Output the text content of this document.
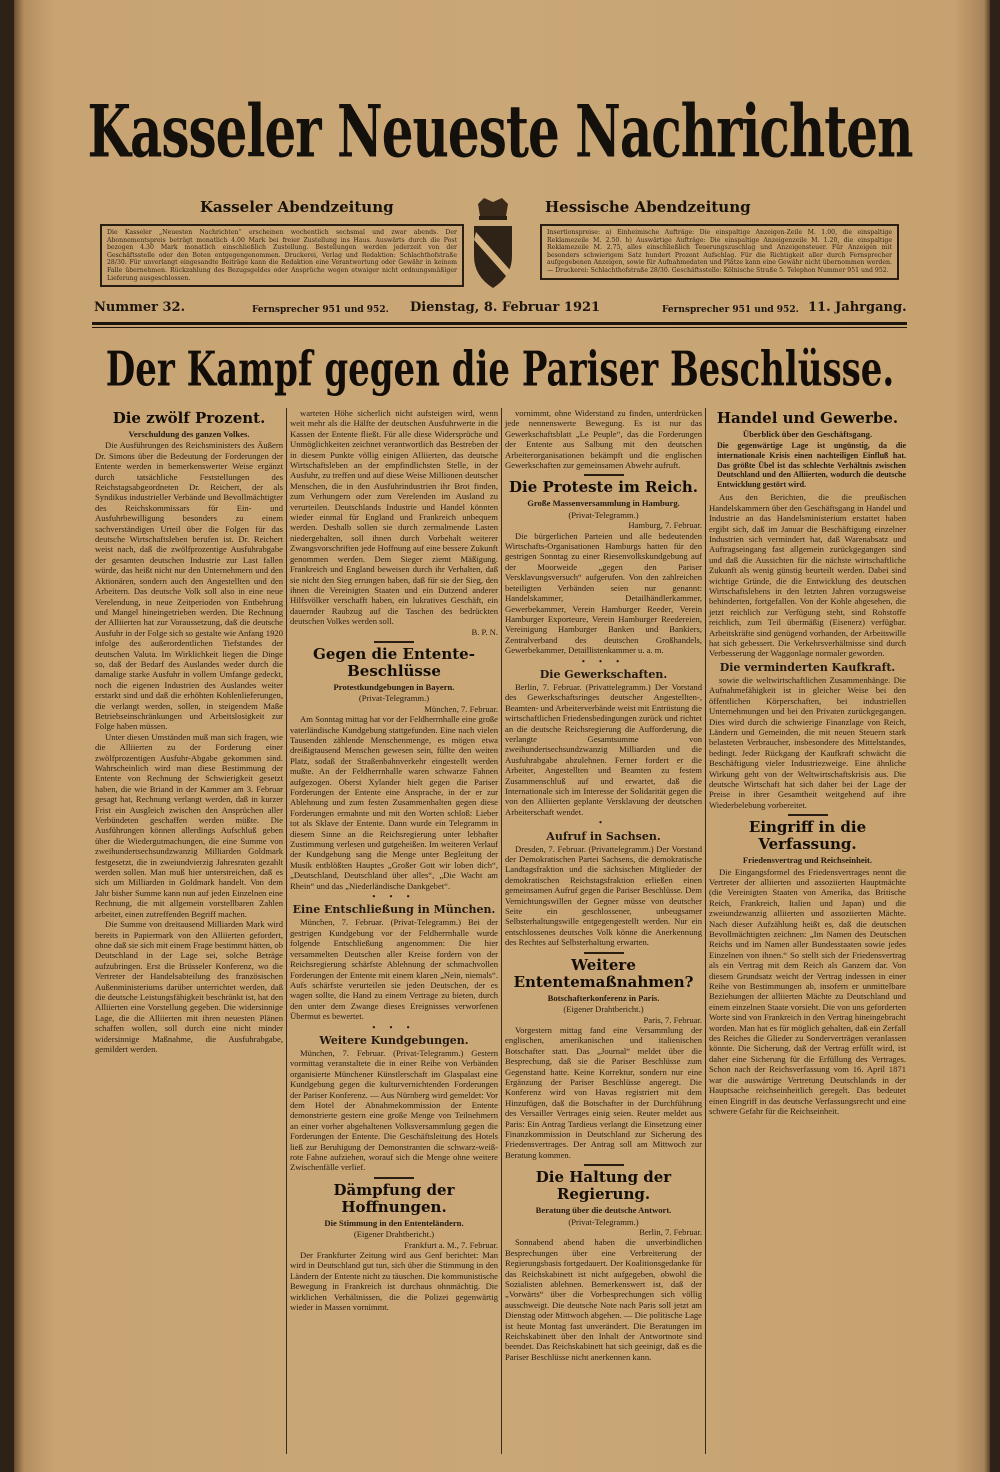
Kasseler Neueste Nachrichten
Kasseler Abendzeitung	Hessische Abendzeitung
Die Kasseler „Neuesten Nachrichten“ erscheinen wochentlich sechsmal und zwar abends. Der Abonnementspreis beträgt monatlich 4.00 Mark bei freier Zustellung ins Haus. Auswärts durch die Post bezogen 4.30 Mark monatlich einschließlich Zustellung. Bestellungen werden jederzeit von der Geschäftsstelle oder den Boten entgegengenommen. Druckerei, Verlag und Redaktion: Schlachthofstraße 28/30. Für unverlangt eingesandte Beiträge kann die Redaktion eine Verantwortung oder Gewähr in keinem Falle übernehmen. Rückzahlung des Bezugsgeldes oder Ansprüche wegen etwaiger nicht ordnungsmäßiger Lieferung ausgeschlossen.
Insertionspreise: a) Einheimische Aufträge: Die einspaltige Anzeigen-Zeile M. 1.00, die einspaltige Reklamezeile M. 2.50. b) Auswärtige Aufträge: Die einspaltige Anzeigenzeile M. 1.20, die einspaltige Reklamezeile M. 2.75, alles einschließlich Teuerungszuschlag und Anzeigensteuer. Für Anzeigen mit besonders schwierigem Satz hundert Prozent Aufschlag. Für die Richtigkeit aller durch Fernsprecher aufgegebenen Anzeigen, sowie für Aufnahmedaten und Plätze kann eine Gewähr nicht übernommen werden. — Druckerei: Schlachthofstraße 28/30. Geschäftsstelle: Kölnische Straße 5. Telephon Nummer 951 und 952.
Nummer 32.	Fernsprecher 951 und 952. Dienstag, 8. Februar 1921	Fernsprecher 951 und 952. 11. Jahrgang.
Der Kampf gegen die Pariser Beschlüsse.
Die zwölf Prozent.
Verschuldung des ganzen Volkes.

Die Ausführungen des Reichsministers des Äußern Dr. Simons über die Bedeutung der Forderungen der Entente werden in bemerkenswerter Weise ergänzt durch tatsächliche Feststellungen des Reichstagsabgeordneten Dr. Reichert, der als Syndikus industrieller Verbände und Bevollmächtigter des Reichskommissars für Ein- und Ausfuhrbewilligung besonders zu einem sachverständigen Urteil über die Folgen für das deutsche Wirtschaftsleben berufen ist. Dr. Reichert weist nach, daß die zwölfprozentige Ausfuhrabgabe der gesamten deutschen Industrie zur Last fallen würde, das heißt nicht nur den Unternehmern und den Aktionären, sondern auch den Angestellten und den Arbeitern. Das deutsche Volk soll also in eine neue Verelendung, in neue Zeitperioden von Entbehrung und Mangel hineingetrieben werden. Die Rechnung der Alliierten hat zur Voraussetzung, daß die deutsche Ausfuhr in der Folge sich so gestalte wie Anfang 1920 infolge des außerordentlichen Tiefstandes der deutschen Valuta. Im Wirklichkeit liegen die Dinge so, daß der Bedarf des Auslandes weder durch die damalige starke Ausfuhr in vollem Umfange gedeckt, noch die eigenen Industrien des Auslandes weiter erstarkt sind und daß die erhöhten Kohlenlieferungen, die verlangt werden, sollen, in steigendem Maße Betriebseinschränkungen und Arbeitslosigkeit zur Folge haben müssen.

Unter diesen Umständen muß man sich fragen, wie die Alliierten zu der Forderung einer zwölfprozentigen Ausfuhr-Abgabe gekommen sind. Wahrscheinlich wird man diese Bestimmung der Entente von Rechnung der Schwierigkeit gesetzt haben, die wie Briand in der Kammer am 3. Februar gesagt hat, Rechnung verlangt werden, daß in kurzer Frist ein Ausgleich zwischen den Ansprüchen aller Verbündeten geschaffen werden müßte. Die Ausführungen können allerdings Aufschluß geben über die Wiedergutmachungen, die eine Summe von zweihundertsechsundzwanzig Milliarden Goldmark festgesetzt, die in zweiundvierzig Jahresraten gezahlt werden sollen. Man muß hier unterstreichen, daß es sich um Milliarden in Goldmark handelt. Von dem Jahr bisher Summe kann nun auf jeden Einzelnen eine Rechnung, die mit allgemein vorstellbaren Zahlen arbeitet, einen zutreffenden Begriff machen.

Die Summe von dreitausend Milliarden Mark wird bereits in Papiermark von den Alliierten gefordert, ohne daß sie sich mit einem Frage bestimmt hätten, ob Deutschland in der Lage sei, solche Beträge aufzubringen. Erst die Brüsseler Konferenz, wo die Vertreter der Handelsabteilung des französischen Außenministeriums darüber unterrichtet werden, daß die deutsche Leistungsfähigkeit beschränkt ist, hat den Alliierten eine Vorstellung gegeben. Die widersinnige Lage, die die Alliierten mit ihren neuesten Plänen schaffen wollen, soll durch eine nicht minder widersinnige Maßnahme, die Ausfuhrabgabe, gemildert werden.

warteten Höhe sicherlich nicht aufsteigen wird, wenn weit mehr als die Hälfte der deutschen Ausfuhrwerte in die Kassen der Entente fließt. Für alle diese Widersprüche und Unmöglichkeiten zeichnet verantwortlich das Bestreben der in diesem Punkte völlig einigen Alliierten, das deutsche Wirtschaftsleben an der empfindlichsten Stelle, in der Ausfuhr, zu treffen und auf diese Weise Millionen deutscher Menschen, die in den Ausfuhrindustrien ihr Brot finden, zum Verhungern oder zum Verelenden im Ausland zu verurteilen. Deutschlands Industrie und Handel könnten wieder einmal für England und Frankreich unbequem werden. Deshalb sollen sie durch zermalmende Lasten niedergehalten, soll ihnen durch Vorbehalt weiterer Zwangsvorschriften jede Hoffnung auf eine bessere Zukunft genommen werden. Dem Sieger ziemt Mäßigung. Frankreich und England beweisen durch ihr Verhalten, daß sie nicht den Sieg errungen haben, daß für sie der Sieg, den ihnen die Vereinigten Staaten und ein Dutzend anderer Hilfsvölker verschafft haben, ein lukratives Geschäft, ein dauernder Raubzug auf die Taschen des bedrückten deutschen Volkes werden soll.

B. P. N.
Gegen die Entente-Beschlüsse
Protestkundgebungen in Bayern.
(Privat-Telegramm.)
München, 7. Februar.

Am Sonntag mittag hat vor der Feldherrnhalle eine große vaterländische Kundgebung stattgefunden. Eine nach vielen Tausenden zählende Menschenmenge, es mögen etwa dreißigtausend Menschen gewesen sein, füllte den weiten Platz, sodaß der Straßenbahnverkehr eingestellt werden mußte. An der Feldherrnhalle waren schwarze Fahnen aufgezogen. Oberst Xylander hielt gegen die Pariser Forderungen der Entente eine Ansprache, in der er zur Ablehnung und zum festen Zusammenhalten gegen diese Forderungen ermahnte und mit den Worten schloß: Lieber tot als Sklave der Entente. Dann wurde ein Telegramm in diesem Sinne an die Reichsregierung unter lebhafter Zustimmung verlesen und gutgeheißen. Im weiteren Verlauf der Kundgebung sang die Menge unter Begleitung der Musik entblößten Hauptes „Großer Gott wir loben dich“, „Deutschland, Deutschland über alles“, „Die Wacht am Rhein“ und das „Niederländische Dankgebet“.

• • •
Eine Entschließung in München.

München, 7. Februar. (Privat-Telegramm.) Bei der gestrigen Kundgebung vor der Feldherrnhalle wurde folgende Entschließung angenommen: Die hier versammelten Deutschen aller Kreise fordern von der Reichsregierung schärfste Ablehnung der schmachvollen Forderungen der Entente mit einem klaren „Nein, niemals“. Aufs schärfste verurteilen sie jeden Deutschen, der es wagen sollte, die Hand zu einem Vertrage zu bieten, durch den unter dem Zwange dieses Ereignisses verworfenen Übermut es bewertet.

• • •
Weitere Kundgebungen.

München, 7. Februar. (Privat-Telegramm.) Gestern vormittag veranstaltete die in einer Reihe von Verbänden organisierte Münchener Künstlerschaft im Glaspalast eine Kundgebung gegen die kulturvernichtenden Forderungen der Pariser Konferenz. — Aus Nürnberg wird gemeldet: Vor dem Hotel der Abnahmekommission der Entente demonstrierte gestern eine große Menge von Teilnehmern an einer vorher abgehaltenen Volksversammlung gegen die Forderungen der Entente. Die Geschäftsleitung des Hotels ließ zur Beruhigung der Demonstranten die schwarz-weiß-rote Fahne aufziehen, worauf sich die Menge ohne weitere Zwischenfälle verlief.

Dämpfung der Hoffnungen.
Die Stimmung in den Ententeländern.
(Eigener Drahtbericht.)
Frankfurt a. M., 7. Februar.

Der Frankfurter Zeitung wird aus Genf berichtet: Man wird in Deutschland gut tun, sich über die Stimmung in den Ländern der Entente nicht zu täuschen. Die kommunistische Bewegung in Frankreich ist durchaus ohnmächtig. Die wirklichen Verhältnissen, die die Polizei gegenwärtig wieder in Massen vornimmt.

vornimmt, ohne Widerstand zu finden, unterdrücken jede nennenswerte Bewegung. Es ist nur das Gewerkschaftsblatt „Le Peuple“, das die Forderungen der Entente aus Salbung mit den deutschen Arbeiterorganisationen bekämpft und die englischen Gewerkschaften zur gemeinsamen Abwehr aufruft.

Die Proteste im Reich.
Große Massenversammlung in Hamburg.
(Privat-Telegramm.)
Hamburg, 7. Februar.

Die bürgerlichen Parteien und alle bedeutenden Wirtschafts-Organisationen Hamburgs hatten für den gestrigen Sonntag zu einer Riesenvolkskundgebung auf der Moorweide „gegen den Pariser Versklavungsversuch“ aufgerufen. Von den zahlreichen beteiligten Verbänden seien nur genannt: Handelskammer, Detailhändlerkammer, Gewerbekammer, Verein Hamburger Reeder, Verein Hamburger Exporteure, Verein Hamburger Reedereien, Vereinigung Hamburger Banken und Bankiers, Zentralverband des deutschen Großhandels, Gewerbekammer, Detaillistenkammer u. a. m.

• • •
Die Gewerkschaften.

Berlin, 7. Februar. (Privattelegramm.) Der Vorstand des Gewerkschaftsringes deutscher Angestellten-, Beamten- und Arbeiterverbände weist mit Entrüstung die wirtschaftlichen Friedensbedingungen zurück und richtet an die deutsche Reichsregierung die Aufforderung, die verlangte Gesamtsumme von zweihundertsechsundzwanzig Milliarden und die Ausfuhrabgabe abzulehnen. Ferner fordert er die Arbeiter, Angestellten und Beamten zu festem Zusammenschluß auf und erwartet, daß die Internationale sich im Interesse der Solidarität gegen die von den Alliierten geplante Versklavung der deutschen Arbeiterschaft wendet.

•
Aufruf in Sachsen.

Dresden, 7. Februar. (Privattelegramm.) Der Vorstand der Demokratischen Partei Sachsens, die demokratische Landtagsfraktion und die sächsischen Mitglieder der demokratischen Reichstagsfraktion erließen einen gemeinsamen Aufruf gegen die Pariser Beschlüsse. Dem Vernichtungswillen der Gegner müsse von deutscher Seite ein geschlossener, unbeugsamer Selbsterhaltungswille entgegengestellt werden. Nur ein entschlossenes deutsches Volk könne die Anerkennung des Rechtes auf Selbsterhaltung erwarten.

Weitere Ententemaßnahmen?
Botschafterkonferenz in Paris.
(Eigener Drahtbericht.)
Paris, 7. Februar.

Vorgestern mittag fand eine Versammlung der englischen, amerikanischen und italienischen Botschafter statt. Das „Journal“ meldet über die Besprechung, daß sie die Pariser Beschlüsse zum Gegenstand hatte. Keine Korrektur, sondern nur eine Ergänzung der Pariser Beschlüsse angeregt. Die Konferenz wird von Havas registriert mit dem Hinzufügen, daß die Botschafter in der Durchführung des Versailler Vertrages einig seien. Reuter meldet aus Paris: Ein Antrag Tardieus verlangt die Einsetzung einer Finanzkommission in Deutschland zur Sicherung des Friedensvertrages. Der Antrag soll am Mittwoch zur Beratung kommen.

Die Haltung der Regierung.
Beratung über die deutsche Antwort.
(Privat-Telegramm.)
Berlin, 7. Februar.

Sonnabend abend haben die unverbindlichen Besprechungen über eine Verbreiterung der Regierungsbasis fortgedauert. Der Koalitionsgedanke für das Reichskabinett ist nicht aufgegeben, obwohl die Sozialisten ablehnen. Bemerkenswert ist, daß der „Vorwärts“ über die Vorbesprechungen sich völlig ausschweigt. Die deutsche Note nach Paris soll jetzt am Dienstag oder Mittwoch abgehen. — Die politische Lage ist heute Montag fast unverändert. Die Beratungen im Reichskabinett über den Inhalt der Antwortnote sind beendet. Das Reichskabinett hat sich geeinigt, daß es die Pariser Beschlüsse nicht anerkennen kann.

Handel und Gewerbe.
Überblick über den Geschäftsgang.
Die gegenwärtige Lage ist ungünstig, da die internationale Krisis einen nachteiligen Einfluß hat. Das größte Übel ist das schlechte Verhältnis zwischen Deutschland und den Alliierten, wodurch die deutsche Entwicklung gestört wird.

Aus den Berichten, die die preußischen Handelskammern über den Geschäftsgang in Handel und Industrie an das Handelsministerium erstattet haben ergibt sich, daß im Januar die Beschäftigung einzelner Industrien sich vermindert hat, daß Warenabsatz und Auftragseingang fast allgemein zurückgegangen sind und daß die Aussichten für die nächste wirtschaftliche Zukunft als wenig günstig beurteilt werden. Dabei sind wichtige Gründe, die die Entwicklung des deutschen Wirtschaftslebens in den letzten Jahren vorzugsweise behinderten, fortgefallen. Von der Kohle abgesehen, die jetzt reichlich zur Verfügung steht, sind Rohstoffe reichlich, zum Teil übermäßig (Eisenerz) verfügbar. Arbeitskräfte sind genügend vorhanden, der Arbeitswille hat sich gebessert. Die Verkehrsverhältnisse sind durch Verbesserung der Waggonlage normaler geworden.

Die verminderten Kaufkraft.

sowie die weltwirtschaftlichen Zusammenhänge. Die Aufnahmefähigkeit ist in gleicher Weise bei den öffentlichen Körperschaften, bei industriellen Unternehmungen und bei den Privaten zurückgegangen. Dies wird durch die schwierige Finanzlage von Reich, Ländern und Gemeinden, die mit neuen Steuern stark belasteten Verbraucher, insbesondere des Mittelstandes, bedingt. Jeder Rückgang der Kaufkraft schwächt die Beschäftigung vieler Industriezweige. Eine ähnliche Wirkung geht von der Weltwirtschaftskrisis aus. Die deutsche Wirtschaft hat sich daher bei der Lage der Preise in ihrer Gesamtheit weitgehend auf ihre Wiederbelebung vorbereitet.

Eingriff in die Verfassung.
Friedensvertrag und Reichseinheit.

Die Eingangsformel des Friedensvertrages nennt die Vertreter der alliierten und assoziierten Hauptmächte (die Vereinigten Staaten von Amerika, das Britische Reich, Frankreich, Italien und Japan) und die zweiundzwanzig alliierten und assoziierten Mächte. Nach dieser Aufzählung heißt es, daß die deutschen Bevollmächtigten zeichnen: „Im Namen des Deutschen Reichs und im Namen aller Bundesstaaten sowie jedes Einzelnen von ihnen.“ So stellt sich der Friedensvertrag als ein Vertrag mit dem Reich als Ganzem dar. Von diesem Grundsatz weicht der Vertrag indessen in einer Reihe von Bestimmungen ab, insofern er unmittelbare Beziehungen der alliierten Mächte zu Deutschland und einem einzelnen Staate vorsieht. Die von uns geforderten Worte sind von Frankreich in den Vertrag hineingebracht worden. Man hat es für möglich gehalten, daß ein Zerfall des Reiches die Glieder zu Sonderverträgen veranlassen könnte. Die Sicherung, daß der Vertrag erfüllt wird, ist daher eine Sicherung für die Erfüllung des Vertrages. Schon nach der Reichsverfassung vom 16. April 1871 war die auswärtige Vertretung Deutschlands in der Hauptsache reichseinheitlich geregelt. Das bedeutet einen Eingriff in das deutsche Verfassungsrecht und eine schwere Gefahr für die Reichseinheit.
